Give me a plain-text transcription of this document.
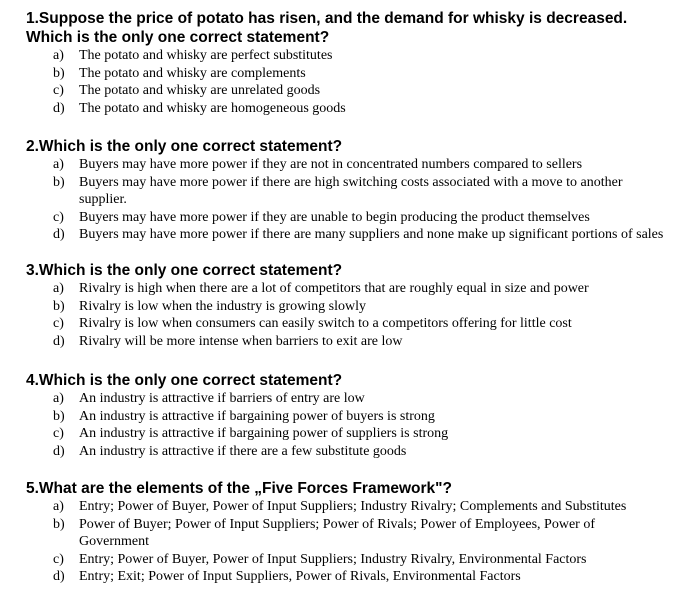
1.Suppose the price of potato has risen, and the demand for whisky is decreased.

Which is the only one correct statement?

a) The potato and whisky are perfect substitutes
b) The potato and whisky are complements
c) The potato and whisky are unrelated goods
d) The potato and whisky are homogeneous goods

2.Which is the only one correct statement?

a) Buyers may have more power if they are not in concentrated numbers compared to sellers
b) Buyers may have more power if there are high switching costs associated with a move to another
supplier.
c) Buyers may have more power if they are unable to begin producing the product themselves
d) Buyers may have more power if there are many suppliers and none make up significant portions of sales

3.Which is the only one correct statement?

a) Rivalry is high when there are a lot of competitors that are roughly equal in size and power
b) Rivalry is low when the industry is growing slowly
c) Rivalry is low when consumers can easily switch to a competitors offering for little cost
d) Rivalry will be more intense when barriers to exit are low

4.Which is the only one correct statement?

a) An industry is attractive if barriers of entry are low
b) An industry is attractive if bargaining power of buyers is strong
c) An industry is attractive if bargaining power of suppliers is strong
d) An industry is attractive if there are a few substitute goods

5.What are the elements of the „Five Forces Framework"?

a) Entry; Power of Buyer, Power of Input Suppliers; Industry Rivalry; Complements and Substitutes
b) Power of Buyer; Power of Input Suppliers; Power of Rivals; Power of Employees, Power of
Government
c) Entry; Power of Buyer, Power of Input Suppliers; Industry Rivalry, Environmental Factors
d) Entry; Exit; Power of Input Suppliers, Power of Rivals, Environmental Factors
